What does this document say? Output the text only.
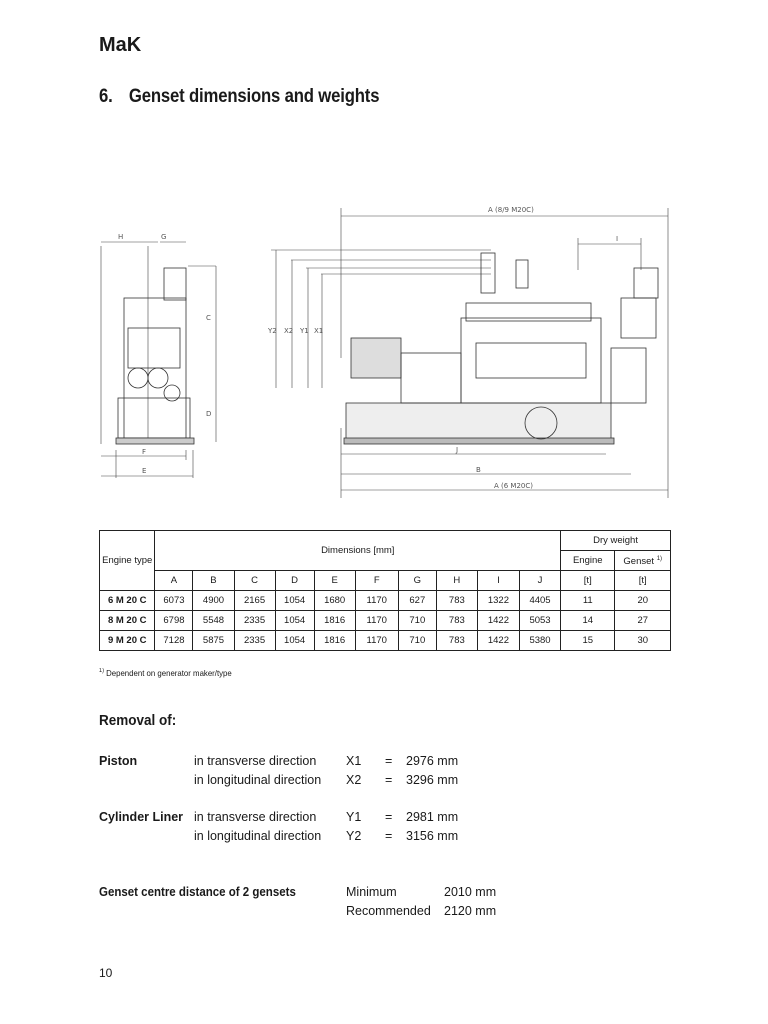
MaK
6. Genset dimensions and weights
A (8/9 M20C)
I
H	G
C
D
F
E
Y2 X2 Y1 X1
J
B
A (6 M20C)
Engine type	Dimensions [mm]										Dry weight	
											Engine	Genset $^{1)}$
	A	B	C	D	E	F	G	H	I	J	[t]	[t]
6 M 20 C	6073	4900	2165	1054	1680	1170	627	783	1322	4405	11	20
8 M 20 C	6798	5548	2335	1054	1816	1170	710	783	1422	5053	14	27
9 M 20 C	7128	5875	2335	1054	1816	1170	710	783	1422	5380	15	30
$^{1)}$ Dependent on generator maker/type
Removal of:
Piston	in transverse direction X1 = 2976 mm
in longitudinal direction X2 = 3296 mm
Cylinder Liner in transverse direction Y1 = 2981 mm
in longitudinal direction Y2 = 3156 mm
Genset centre distance of 2 gensets	Minimum	2010 mm
Recommended 2120 mm
10
